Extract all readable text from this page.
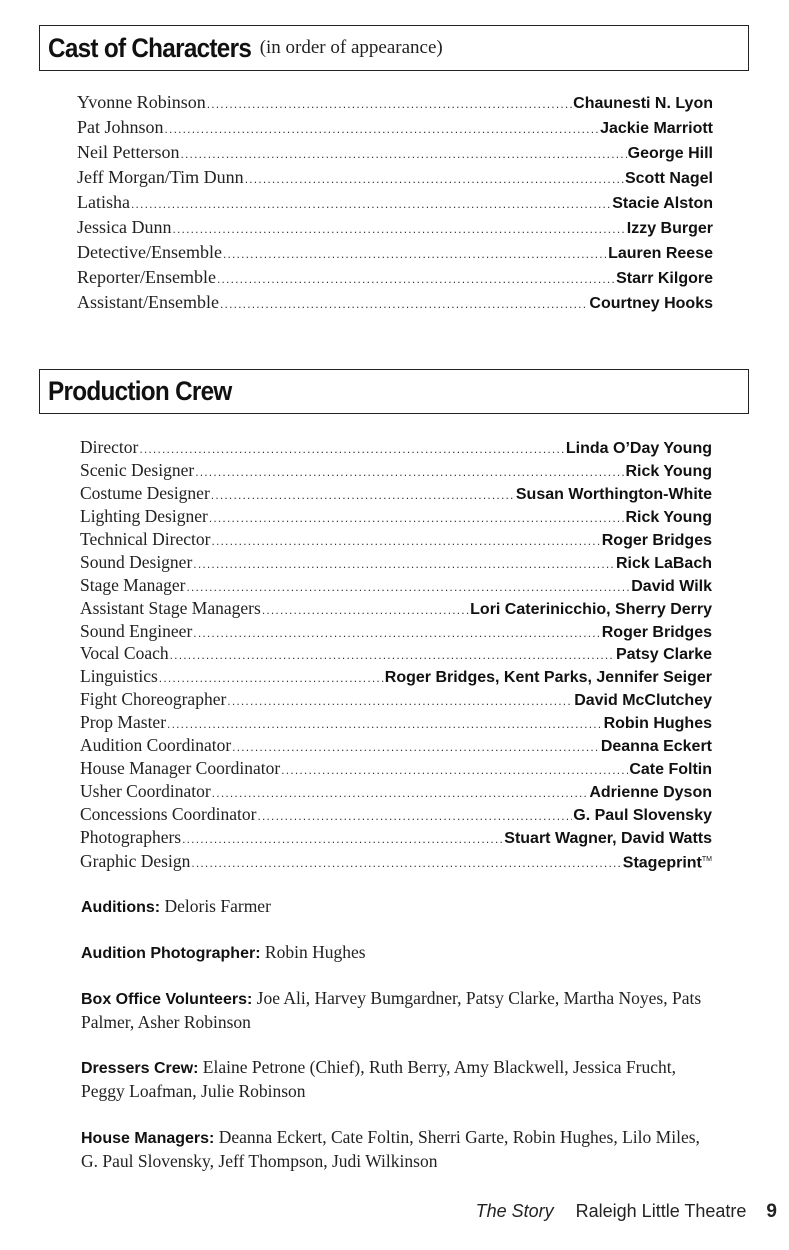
Cast of Characters (in order of appearance)
Yvonne Robinson .....	Chaunesti N. Lyon
Pat Johnson .....	Jackie Marriott
Neil Petterson .....	George Hill
Jeff Morgan/Tim Dunn .....	Scott Nagel
Latisha .....	Stacie Alston
Jessica Dunn .....	Izzy Burger
Detective/Ensemble .....	Lauren Reese
Reporter/Ensemble .....	Starr Kilgore
Assistant/Ensemble .....	Courtney Hooks
Production Crew
Director .....	Linda O’Day Young
Scenic Designer .....	Rick Young
Costume Designer .....	Susan Worthington-White
Lighting Designer .....	Rick Young
Technical Director .....	Roger Bridges
Sound Designer .....	Rick LaBach
Stage Manager .....	David Wilk
Assistant Stage Managers .....	Lori Caterinicchio, Sherry Derry
Sound Engineer .....	Roger Bridges
Vocal Coach .....	Patsy Clarke
Linguistics .....	Roger Bridges, Kent Parks, Jennifer Seiger
Fight Choreographer .....	David McClutchey
Prop Master .....	Robin Hughes
Audition Coordinator .....	Deanna Eckert
House Manager Coordinator .....	Cate Foltin
Usher Coordinator .....	Adrienne Dyson
Concessions Coordinator .....	G. Paul Slovensky
Photographers .....	Stuart Wagner, David Watts
Graphic Design .....	Stageprint™

Auditions: Deloris Farmer

Audition Photographer: Robin Hughes

Box Office Volunteers: Joe Ali, Harvey Bumgardner, Patsy Clarke, Martha Noyes, Pats Palmer, Asher Robinson

Dressers Crew: Elaine Petrone (Chief), Ruth Berry, Amy Blackwell, Jessica Frucht, Peggy Loafman, Julie Robinson

House Managers: Deanna Eckert, Cate Foltin, Sherri Garte, Robin Hughes, Lilo Miles, G. Paul Slovensky, Jeff Thompson, Judi Wilkinson

The Story Raleigh Little Theatre 9
